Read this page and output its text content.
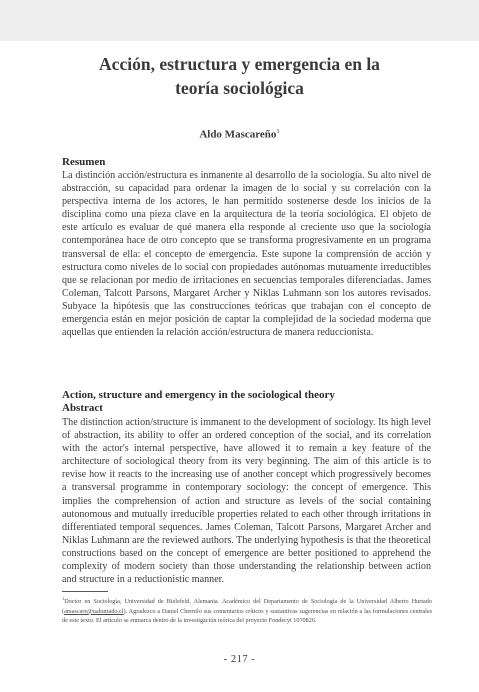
Acción, estructura y emergencia en la
teoría sociológica
Aldo Mascareño$^1$
Resumen
La distinción acción/estructura es inmanente al desarrollo de la sociología. Su alto nivel de abstracción, su capacidad para ordenar la imagen de lo social y su correlación con la perspectiva interna de los actores, le han permitido sostenerse desde los inicios de la disciplina como una pieza clave en la arquitectura de la teoría sociológica. El objeto de este artículo es evaluar de qué manera ella responde al creciente uso que la sociología contemporánea hace de otro concepto que se transforma progresivamente en un programa transversal de ella: el concepto de emergencia. Este supone la comprensión de acción y estructura como niveles de lo social con propiedades autónomas mutuamente irreductibles que se relacionan por medio de irritaciones en secuencias temporales diferenciadas. James Coleman, Talcott Parsons, Margaret Archer y Niklas Luhmann son los autores revisados. Subyace la hipótesis que las construcciones teóricas que trabajan con el concepto de emergencia están en mejor posición de captar la complejidad de la sociedad moderna que aquellas que entienden la relación acción/estructura de manera reduccionista.
Action, structure and emergency in the sociological theory
Abstract
The distinction action/structure is immanent to the development of sociology. Its high level of abstraction, its ability to offer an ordered conception of the social, and its correlation with the actor's internal perspective, have allowed it to remain a key feature of the architecture of sociological theory from its very beginning. The aim of this article is to revise how it reacts to the increasing use of another concept which progressively becomes a transversal programme in contemporary sociology: the concept of emergence. This implies the comprehension of action and structure as levels of the social containing autonomous and mutually irreducible properties related to each other through irritations in differentiated temporal sequences. James Coleman, Talcott Parsons, Margaret Archer and Niklas Luhmann are the reviewed authors. The underlying hypothesis is that the theoretical constructions based on the concept of emergence are better positioned to apprehend the complexity of modern society than those understanding the relationship between action and structure in a reductionistic manner.
$^1$Doctor en Sociología, Universidad de Bielefeld, Alemania. Académico del Departamento de Sociología de la Universidad Alberto Hurtado (amascare@uahurtado.cl). Agradezco a Daniel Chernilo sus comentarios críticos y sustantivas sugerencias en relación a las formulaciones centrales de este texto. El artículo se enmarca dentro de la investigación teórica del proyecto Fondecyt 1070826.
- 217 -
